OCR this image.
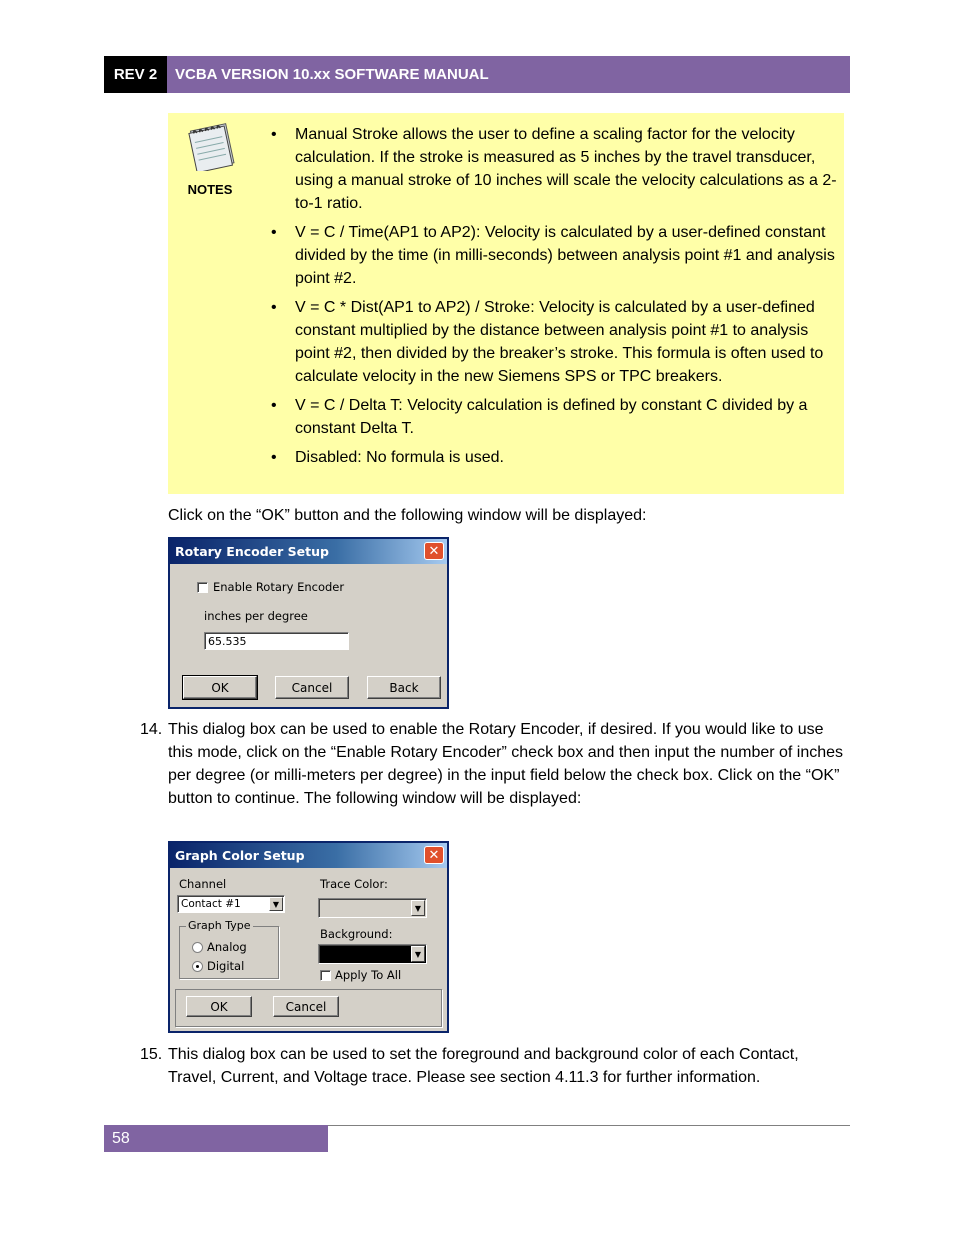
REV 2	VCBA VERSION 10.xx SOFTWARE MANUAL
NOTES
• Manual Stroke allows the user to define a scaling factor for the velocity calculation. If the stroke is measured as 5 inches by the travel transducer, using a manual stroke of 10 inches will scale the velocity calculations as a 2-to-1 ratio.
• V = C / Time(AP1 to AP2): Velocity is calculated by a user-defined constant divided by the time (in milli-seconds) between analysis point #1 and analysis point #2.
• V = C * Dist(AP1 to AP2) / Stroke: Velocity is calculated by a user-defined constant multiplied by the distance between analysis point #1 to analysis point #2, then divided by the breaker’s stroke. This formula is often used to calculate velocity in the new Siemens SPS or TPC breakers.
• V = C / Delta T: Velocity calculation is defined by constant C divided by a constant Delta T.
• Disabled: No formula is used.
Click on the “OK” button and the following window will be displayed:
Rotary Encoder Setup	✕
Enable Rotary Encoder
inches per degree
65.535
OK	Cancel	Back
14. This dialog box can be used to enable the Rotary Encoder, if desired. If you would like to use this mode, click on the “Enable Rotary Encoder” check box and then input the number of inches per degree (or milli-meters per degree) in the input field below the check box. Click on the “OK” button to continue. The following window will be displayed:
Graph Color Setup	✕
Channel
Contact #1	▼
Graph Type
Analog
Digital
Trace Color:
▼
Background:
▼
Apply To All
OK	Cancel
15. This dialog box can be used to set the foreground and background color of each Contact, Travel, Current, and Voltage trace. Please see section 4.11.3 for further information.
58
